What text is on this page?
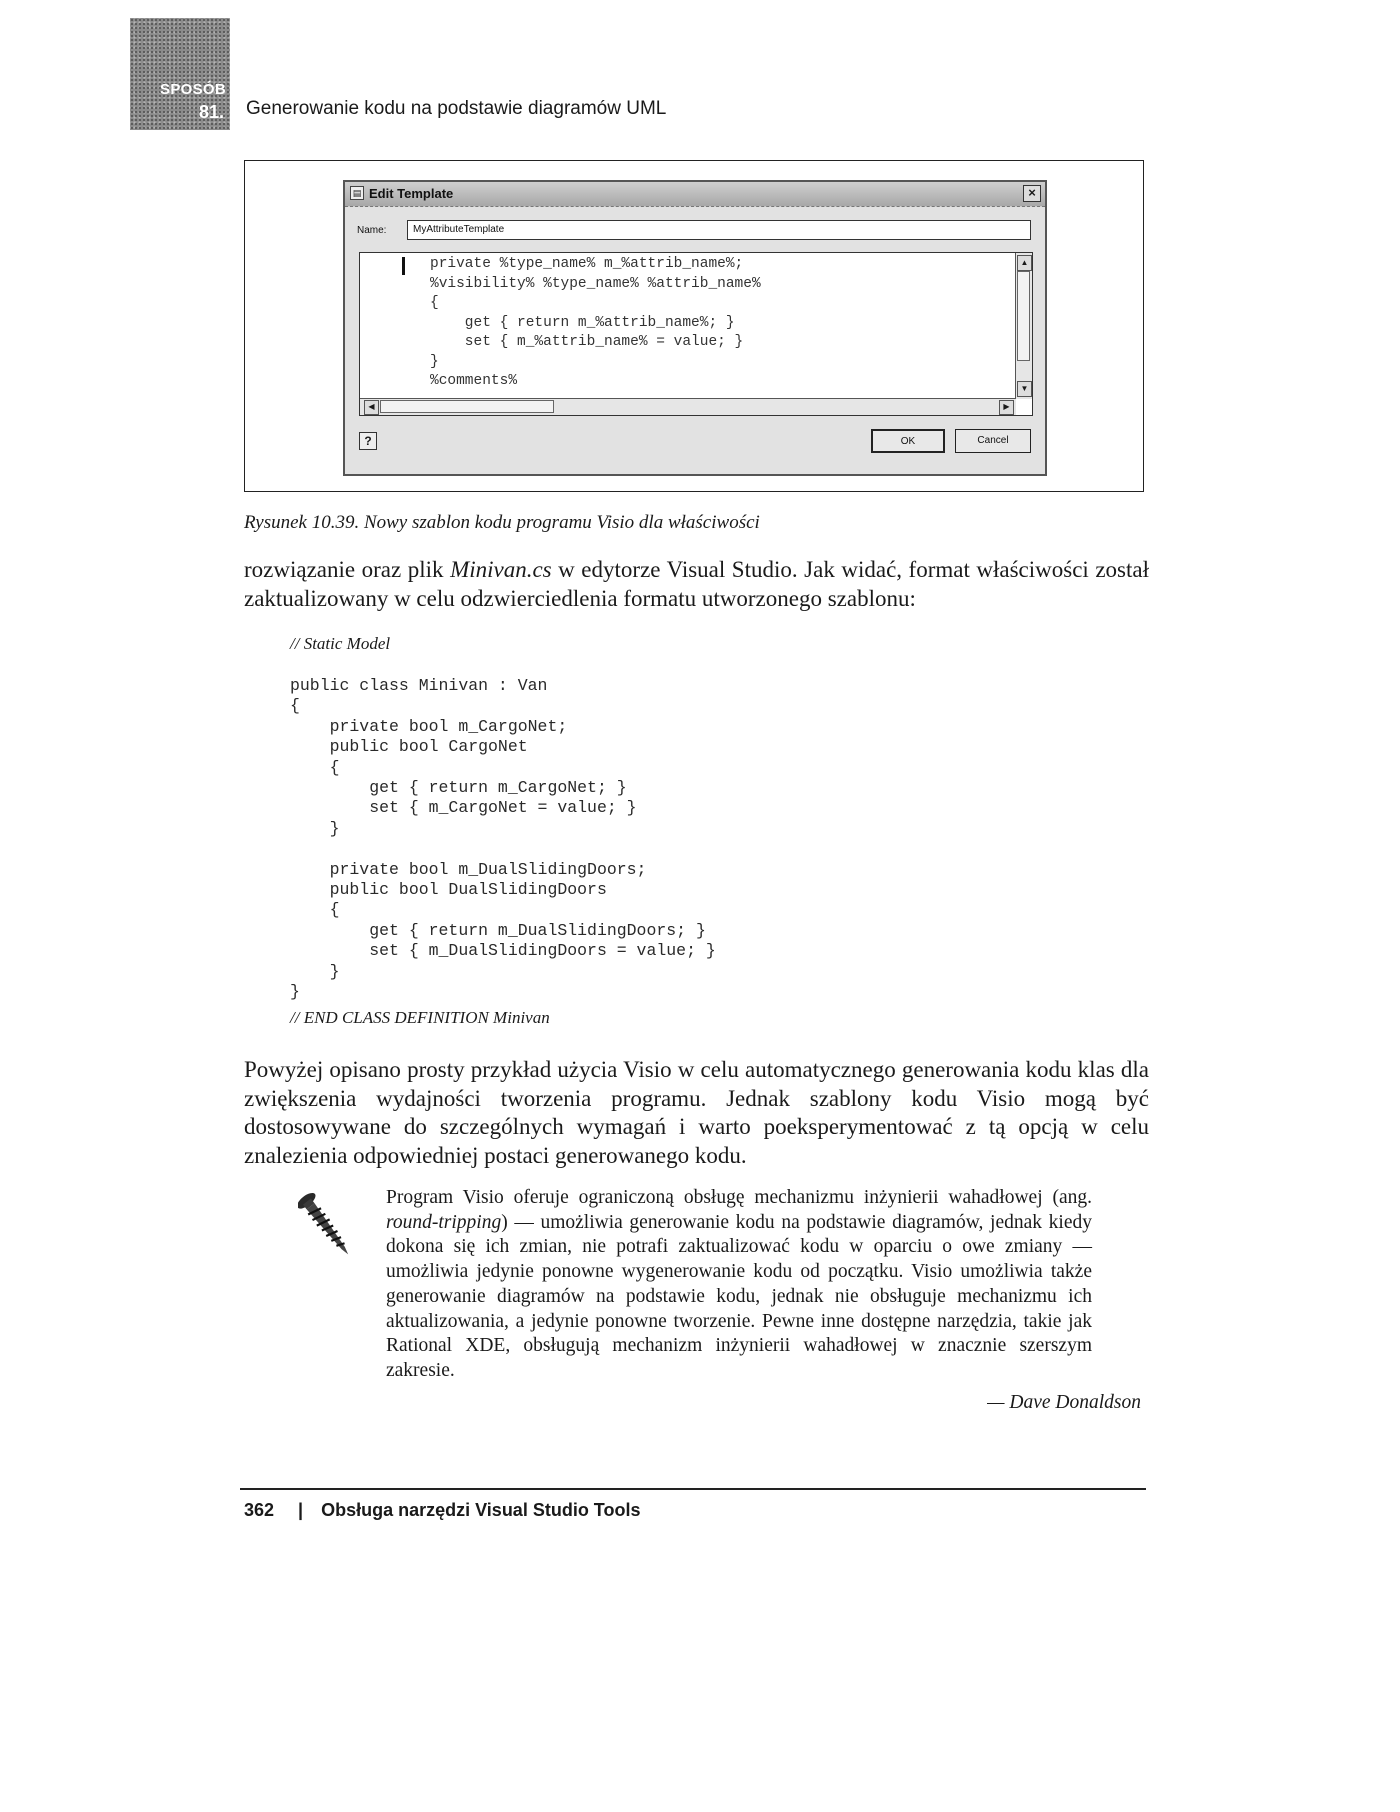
SPOSÓB
81. Generowanie kodu na podstawie diagramów UML
▤ Edit Template	×
Name:	MyAttributeTemplate
private %type_name% m_%attrib_name%;
%visibility% %type_name% %attrib_name%
{
get { return m_%attrib_name%; }
set { m_%attrib_name% = value; }
}
%comments%
▲
▼
◀	▶
?	OK	Cancel
Rysunek 10.39. Nowy szablon kodu programu Visio dla właściwości

rozwiązanie oraz plik Minivan.cs w edytorze Visual Studio. Jak widać, format właściwości został zaktualizowany w celu odzwierciedlenia formatu utworzonego szablonu:

// Static Model
public class Minivan : Van
{
private bool m_CargoNet;
public bool CargoNet
{
get { return m_CargoNet; }
set { m_CargoNet = value; }
}

private bool m_DualSlidingDoors;
public bool DualSlidingDoors
{
get { return m_DualSlidingDoors; }
set { m_DualSlidingDoors = value; }
}
}
// END CLASS DEFINITION Minivan

Powyżej opisano prosty przykład użycia Visio w celu automatycznego generowania kodu klas dla zwiększenia wydajności tworzenia programu. Jednak szablony kodu Visio mogą być dostosowywane do szczególnych wymagań i warto poeksperymentować z tą opcją w celu znalezienia odpowiedniej postaci generowanego kodu.

Program Visio oferuje ograniczoną obsługę mechanizmu inżynierii wahadłowej (ang. round-tripping) — umożliwia generowanie kodu na podstawie diagramów, jednak kiedy dokona się ich zmian, nie potrafi zaktualizować kodu w oparciu o owe zmiany — umożliwia jedynie ponowne wygenerowanie kodu od początku. Visio umożliwia także generowanie diagramów na podstawie kodu, jednak nie obsługuje mechanizmu ich aktualizowania, a jedynie ponowne tworzenie. Pewne inne dostępne narzędzia, takie jak Rational XDE, obsługują mechanizm inżynierii wahadłowej w znacznie szerszym zakresie.

— Dave Donaldson
362 | Obsługa narzędzi Visual Studio Tools
